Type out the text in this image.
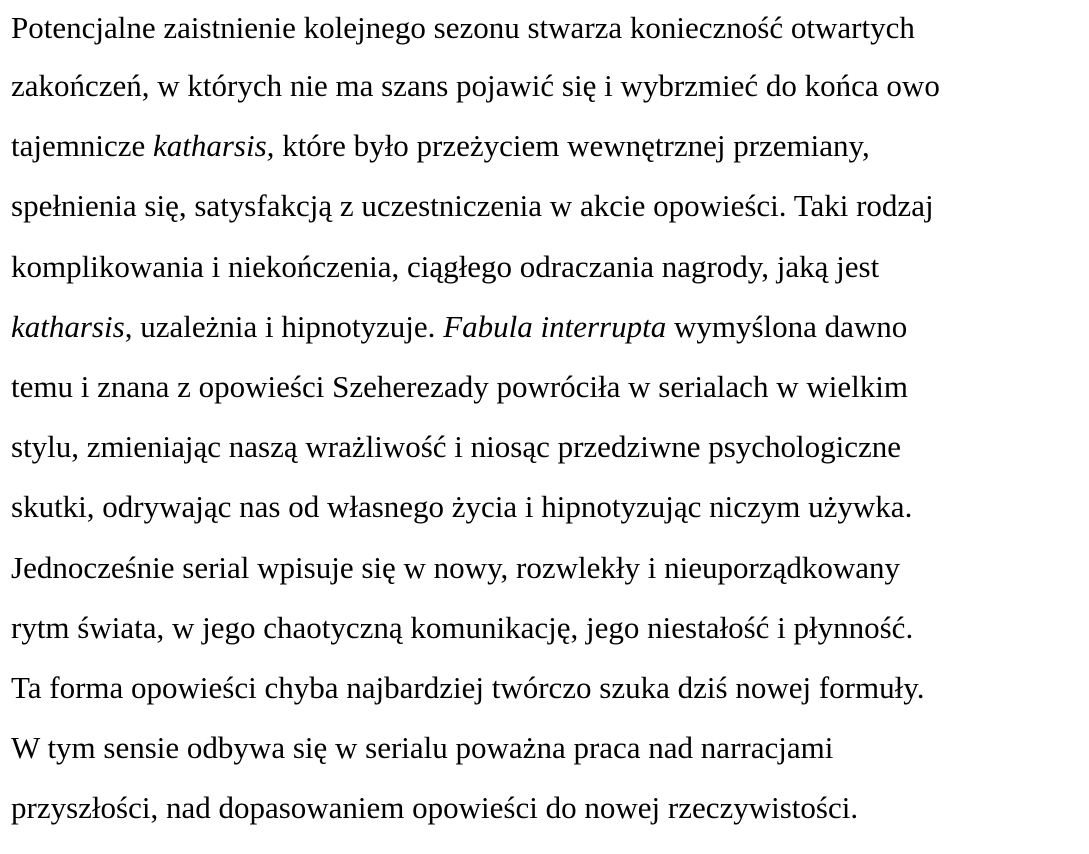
Potencjalne zaistnienie kolejnego sezonu stwarza konieczność otwartych
zakończeń, w których nie ma szans pojawić się i wybrzmieć do końca owo
tajemnicze katharsis, które było przeżyciem wewnętrznej przemiany,
spełnienia się, satysfakcją z uczestniczenia w akcie opowieści. Taki rodzaj
komplikowania i niekończenia, ciągłego odraczania nagrody, jaką jest
katharsis, uzależnia i hipnotyzuje. Fabula interrupta wymyślona dawno
temu i znana z opowieści Szeherezady powróciła w serialach w wielkim
stylu, zmieniając naszą wrażliwość i niosąc przedziwne psychologiczne
skutki, odrywając nas od własnego życia i hipnotyzując niczym używka.
Jednocześnie serial wpisuje się w nowy, rozwlekły i nieuporządkowany
rytm świata, w jego chaotyczną komunikację, jego niestałość i płynność.
Ta forma opowieści chyba najbardziej twórczo szuka dziś nowej formuły.
W tym sensie odbywa się w serialu poważna praca nad narracjami
przyszłości, nad dopasowaniem opowieści do nowej rzeczywistości.
